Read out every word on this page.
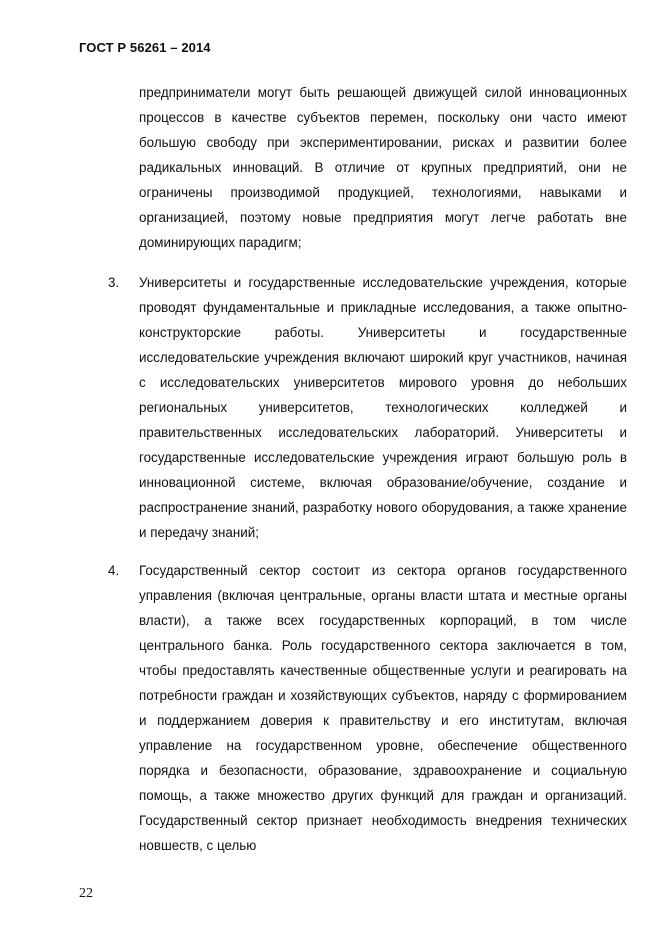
ГОСТ Р 56261 – 2014
предприниматели могут быть решающей движущей силой инновационных процессов в качестве субъектов перемен, поскольку они часто имеют большую свободу при экспериментировании, рисках и развитии более радикальных инноваций. В отличие от крупных предприятий, они не ограничены производимой продукцией, технологиями, навыками и организацией, поэтому новые предприятия могут легче работать вне доминирующих парадигм;
3.	Университеты и государственные исследовательские учреждения, которые проводят фундаментальные и прикладные исследования, а также опытно-конструкторские работы. Университеты и государственные исследовательские учреждения включают широкий круг участников, начиная с исследовательских университетов мирового уровня до небольших региональных университетов, технологических колледжей и правительственных исследовательских лабораторий. Университеты и государственные исследовательские учреждения играют большую роль в инновационной системе, включая образование/обучение, создание и распространение знаний, разработку нового оборудования, а также хранение и передачу знаний;
4.	Государственный сектор состоит из сектора органов государственного управления (включая центральные, органы власти штата и местные органы власти), а также всех государственных корпораций, в том числе центрального банка. Роль государственного сектора заключается в том, чтобы предоставлять качественные общественные услуги и реагировать на потребности граждан и хозяйствующих субъектов, наряду с формированием и поддержанием доверия к правительству и его институтам, включая управление на государственном уровне, обеспечение общественного порядка и безопасности, образование, здравоохранение и социальную помощь, а также множество других функций для граждан и организаций. Государственный сектор признает необходимость внедрения технических новшеств, с целью
22
